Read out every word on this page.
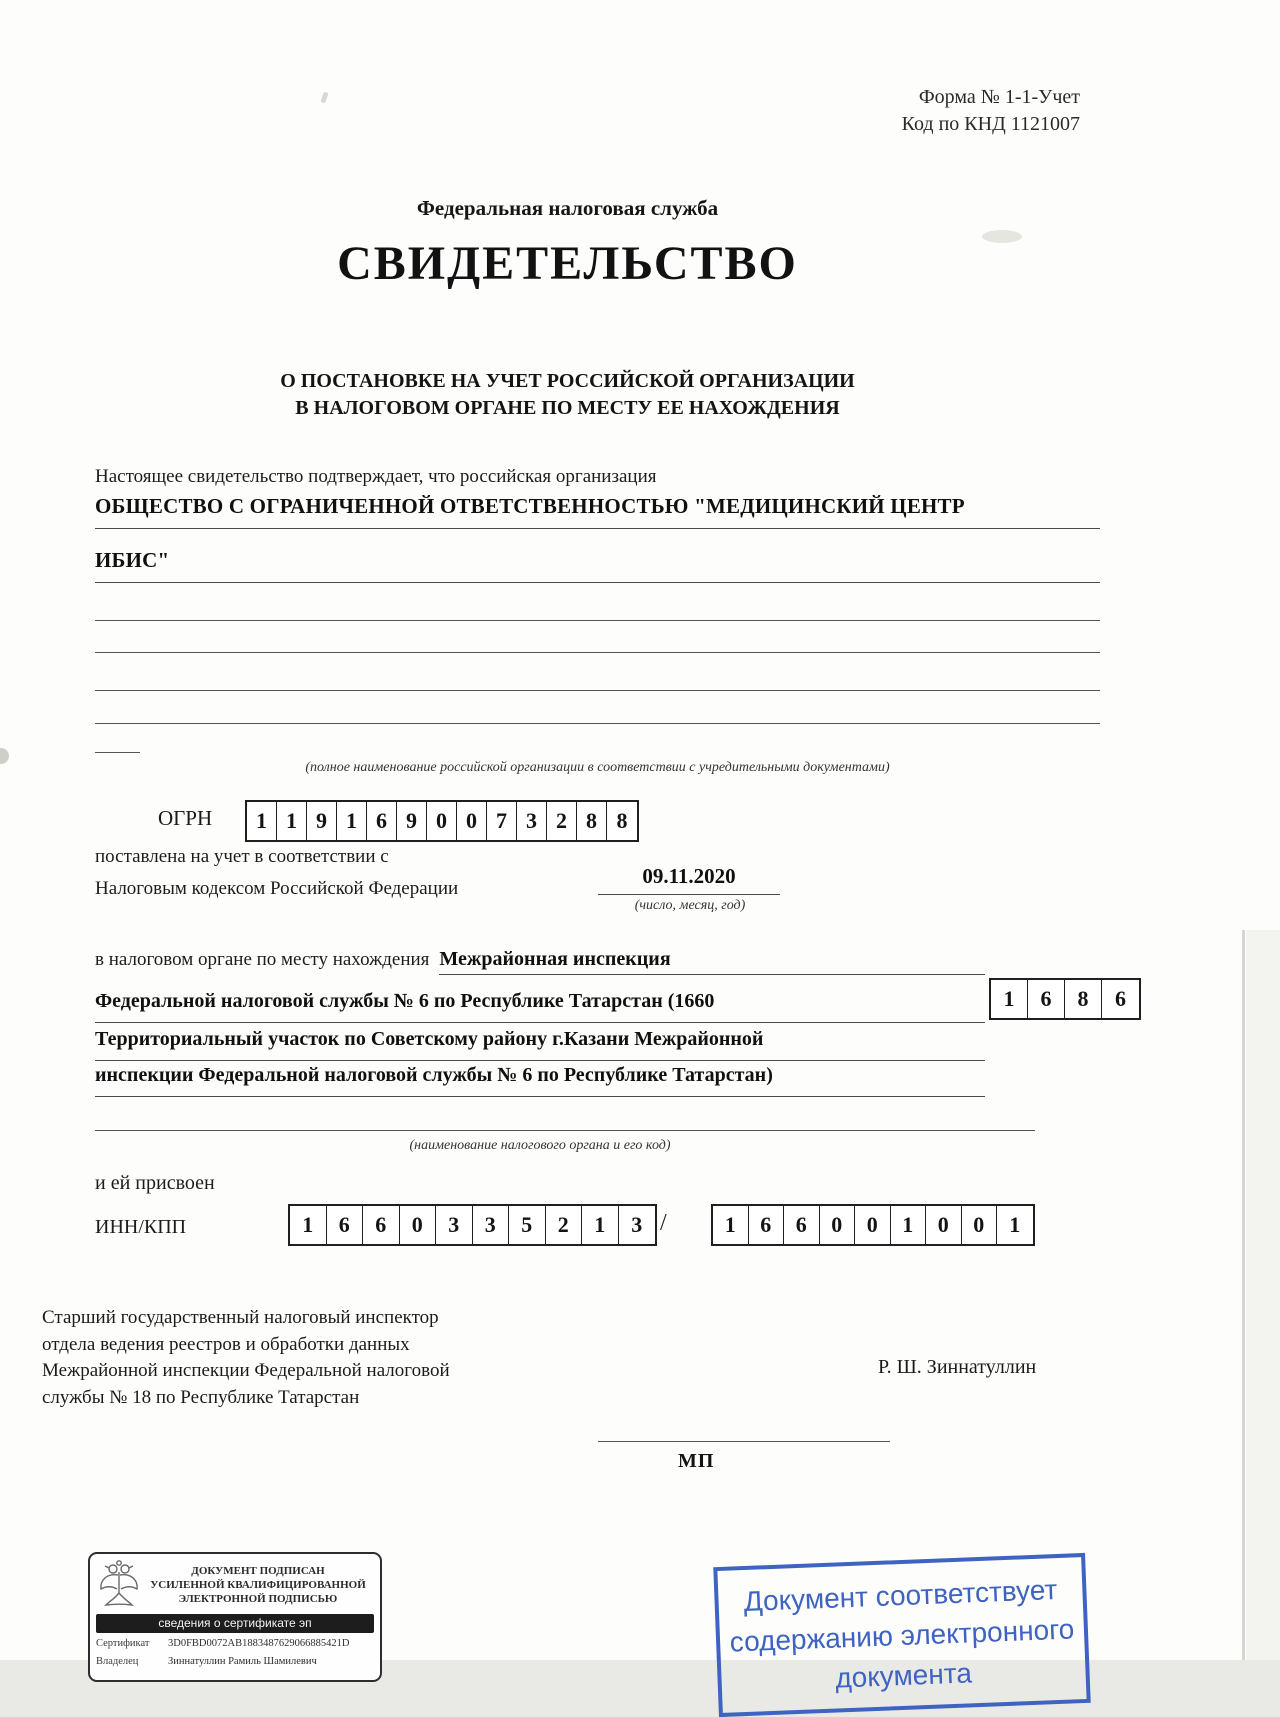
Форма № 1-1-Учет
Код по КНД 1121007
Федеральная налоговая служба
СВИДЕТЕЛЬСТВО
О ПОСТАНОВКЕ НА УЧЕТ РОССИЙСКОЙ ОРГАНИЗАЦИИ
В НАЛОГОВОМ ОРГАНЕ ПО МЕСТУ ЕЕ НАХОЖДЕНИЯ
Настоящее свидетельство подтверждает, что российская организация
ОБЩЕСТВО С ОГРАНИЧЕННОЙ ОТВЕТСТВЕННОСТЬЮ "МЕДИЦИНСКИЙ ЦЕНТР
ИБИС"
(полное наименование российской организации в соответствии с учредительными документами)
ОГРН	1 1 9 1 6 9 0 0 7 3 2 8 8
поставлена на учет в соответствии с
Налоговым кодексом Российской Федерации
09.11.2020
(число, месяц, год)
в налоговом органе по месту нахождения Межрайонная инспекция
Федеральной налоговой службы № 6 по Республике Татарстан (1660	1	6	8	6
Территориальный участок по Советскому району г.Казани Межрайонной
инспекции Федеральной налоговой службы № 6 по Республике Татарстан)
(наименование налогового органа и его код)
и ей присвоен
ИНН/КПП	1	6	6	0	3	3	5	2	1	3 /	1	6	6	0	0	1	0	0	1
Старший государственный налоговый инспектор
отдела ведения реестров и обработки данных
Межрайонной инспекции Федеральной налоговой
службы № 18 по Республике Татарстан
Р. Ш. Зиннатуллин
МП
ДОКУМЕНТ ПОДПИСАН
УСИЛЕННОЙ КВАЛИФИЦИРОВАННОЙ
ЭЛЕКТРОННОЙ ПОДПИСЬЮ
сведения о сертификате эп
Сертификат	3D0FBD0072AB1883487629066885421D
Владелец	Зиннатуллин Рамиль Шамилевич
Документ соответствует
содержанию электронного
документа
